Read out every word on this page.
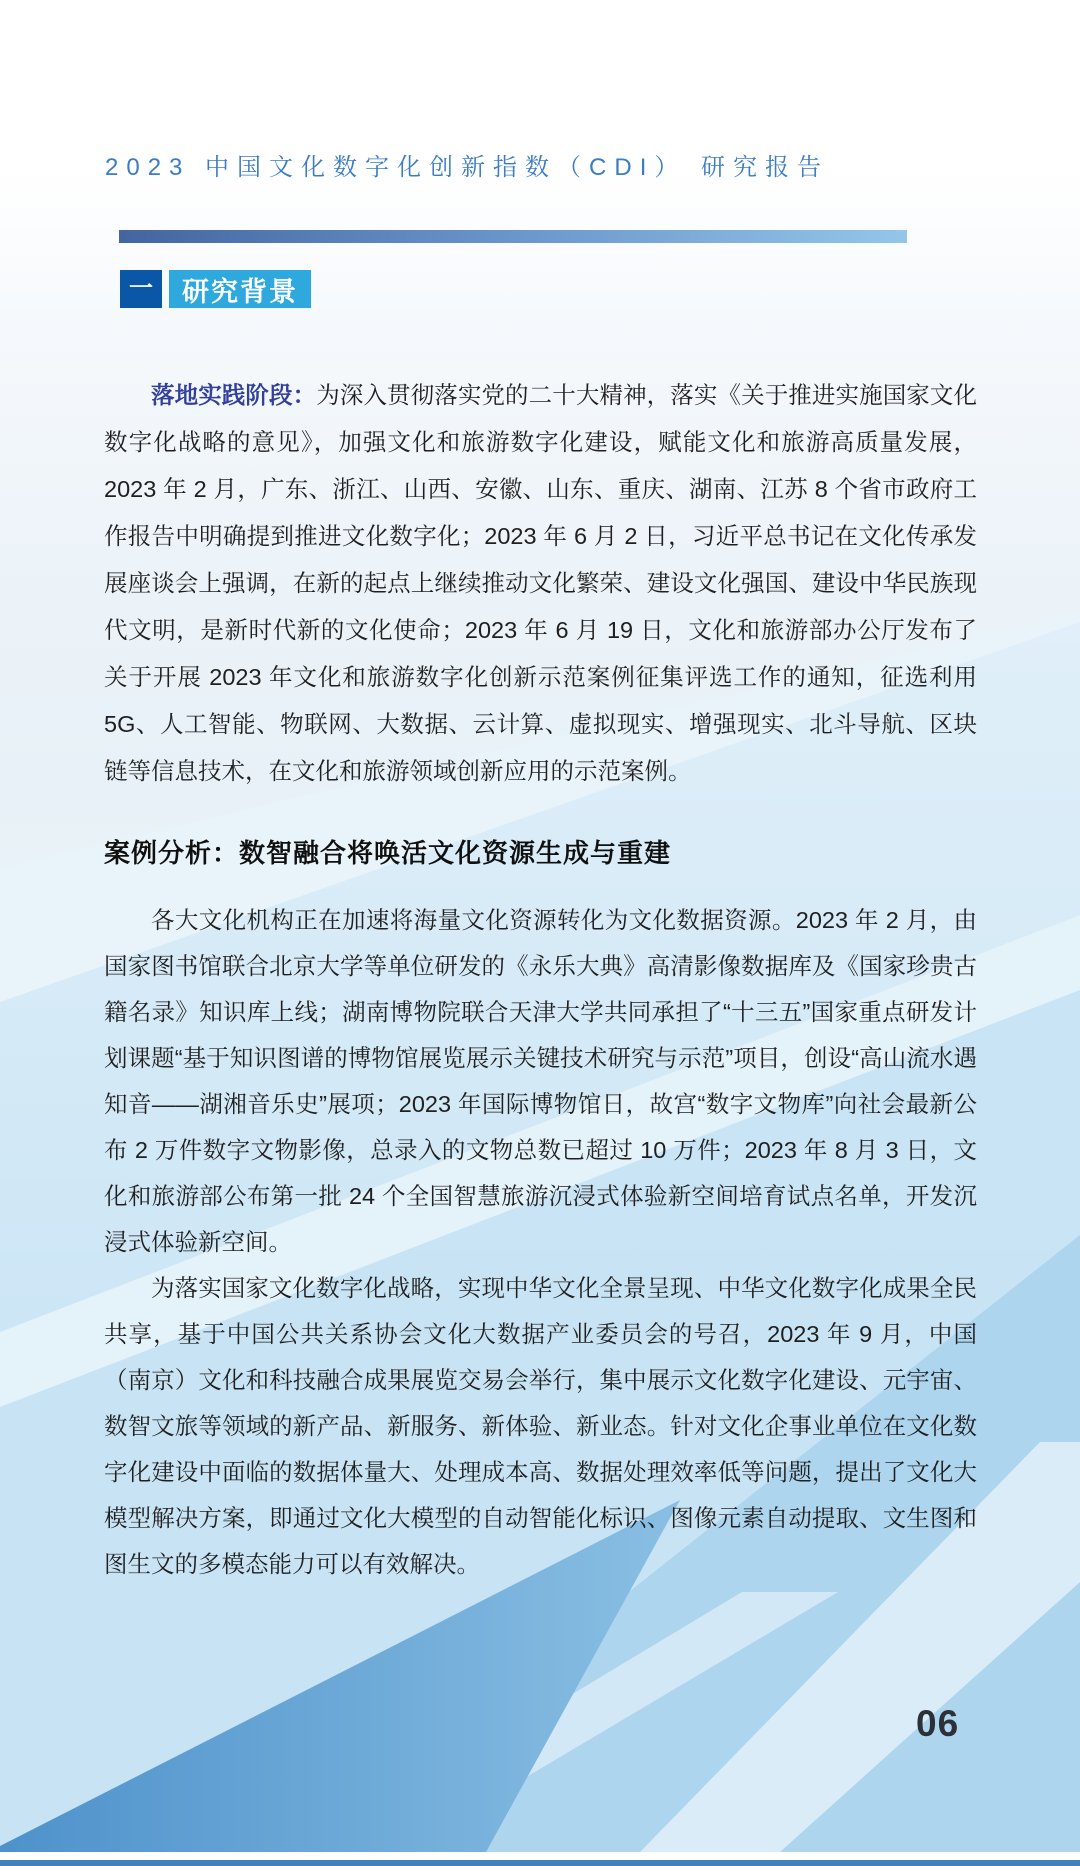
2023 中国文化数字化创新指数（CDI） 研究报告
一 研究背景

落地实践阶段：为深入贯彻落实党的二十大精神，落实《关于推进实施国家文化数字化战略的意见》，加强文化和旅游数字化建设，赋能文化和旅游高质量发展，2023 年 2 月，广东、浙江、山西、安徽、山东、重庆、湖南、江苏 8 个省市政府工作报告中明确提到推进文化数字化；2023 年 6 月 2 日，习近平总书记在文化传承发展座谈会上强调，在新的起点上继续推动文化繁荣、建设文化强国、建设中华民族现代文明，是新时代新的文化使命；2023 年 6 月 19 日，文化和旅游部办公厅发布了关于开展 2023 年文化和旅游数字化创新示范案例征集评选工作的通知，征选利用 5G、人工智能、物联网、大数据、云计算、虚拟现实、增强现实、北斗导航、区块链等信息技术，在文化和旅游领域创新应用的示范案例。

案例分析：数智融合将唤活文化资源生成与重建

各大文化机构正在加速将海量文化资源转化为文化数据资源。2023 年 2 月，由国家图书馆联合北京大学等单位研发的《永乐大典》高清影像数据库及《国家珍贵古籍名录》知识库上线；湖南博物院联合天津大学共同承担了“十三五”国家重点研发计划课题“基于知识图谱的博物馆展览展示关键技术研究与示范”项目，创设“高山流水遇知音——湖湘音乐史”展项；2023 年国际博物馆日，故宫“数字文物库”向社会最新公布 2 万件数字文物影像，总录入的文物总数已超过 10 万件；2023 年 8 月 3 日，文化和旅游部公布第一批 24 个全国智慧旅游沉浸式体验新空间培育试点名单，开发沉浸式体验新空间。

为落实国家文化数字化战略，实现中华文化全景呈现、中华文化数字化成果全民共享，基于中国公共关系协会文化大数据产业委员会的号召，2023 年 9 月，中国（南京）文化和科技融合成果展览交易会举行，集中展示文化数字化建设、元宇宙、数智文旅等领域的新产品、新服务、新体验、新业态。针对文化企事业单位在文化数字化建设中面临的数据体量大、处理成本高、数据处理效率低等问题，提出了文化大模型解决方案，即通过文化大模型的自动智能化标识、图像元素自动提取、文生图和图生文的多模态能力可以有效解决。

06
